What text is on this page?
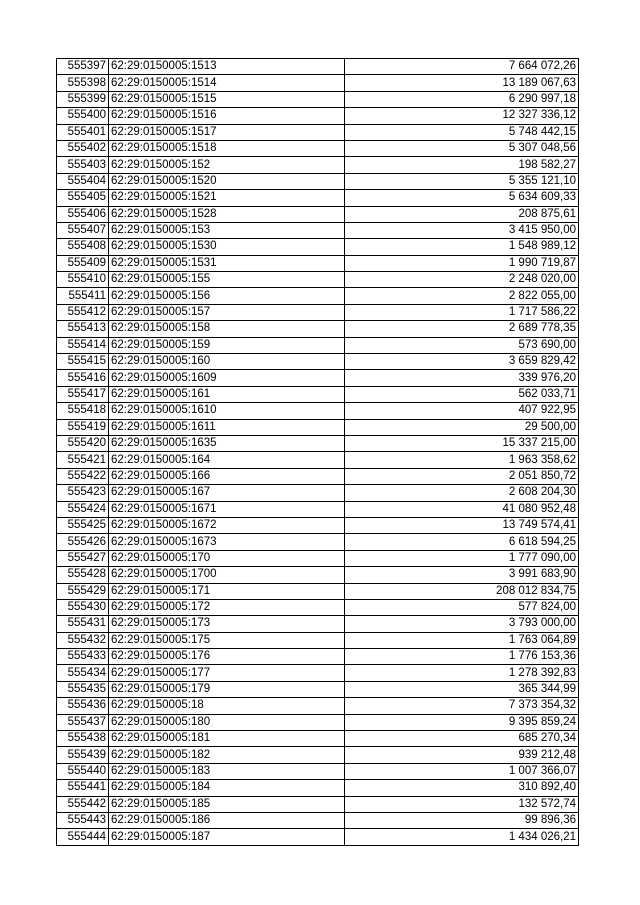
555397	62:29:0150005:1513	7 664 072,26
555398	62:29:0150005:1514	13 189 067,63
555399	62:29:0150005:1515	6 290 997,18
555400	62:29:0150005:1516	12 327 336,12
555401	62:29:0150005:1517	5 748 442,15
555402	62:29:0150005:1518	5 307 048,56
555403	62:29:0150005:152	198 582,27
555404	62:29:0150005:1520	5 355 121,10
555405	62:29:0150005:1521	5 634 609,33
555406	62:29:0150005:1528	208 875,61
555407	62:29:0150005:153	3 415 950,00
555408	62:29:0150005:1530	1 548 989,12
555409	62:29:0150005:1531	1 990 719,87
555410	62:29:0150005:155	2 248 020,00
555411	62:29:0150005:156	2 822 055,00
555412	62:29:0150005:157	1 717 586,22
555413	62:29:0150005:158	2 689 778,35
555414	62:29:0150005:159	573 690,00
555415	62:29:0150005:160	3 659 829,42
555416	62:29:0150005:1609	339 976,20
555417	62:29:0150005:161	562 033,71
555418	62:29:0150005:1610	407 922,95
555419	62:29:0150005:1611	29 500,00
555420	62:29:0150005:1635	15 337 215,00
555421	62:29:0150005:164	1 963 358,62
555422	62:29:0150005:166	2 051 850,72
555423	62:29:0150005:167	2 608 204,30
555424	62:29:0150005:1671	41 080 952,48
555425	62:29:0150005:1672	13 749 574,41
555426	62:29:0150005:1673	6 618 594,25
555427	62:29:0150005:170	1 777 090,00
555428	62:29:0150005:1700	3 991 683,90
555429	62:29:0150005:171	208 012 834,75
555430	62:29:0150005:172	577 824,00
555431	62:29:0150005:173	3 793 000,00
555432	62:29:0150005:175	1 763 064,89
555433	62:29:0150005:176	1 776 153,36
555434	62:29:0150005:177	1 278 392,83
555435	62:29:0150005:179	365 344,99
555436	62:29:0150005:18	7 373 354,32
555437	62:29:0150005:180	9 395 859,24
555438	62:29:0150005:181	685 270,34
555439	62:29:0150005:182	939 212,48
555440	62:29:0150005:183	1 007 366,07
555441	62:29:0150005:184	310 892,40
555442	62:29:0150005:185	132 572,74
555443	62:29:0150005:186	99 896,36
555444	62:29:0150005:187	1 434 026,21
